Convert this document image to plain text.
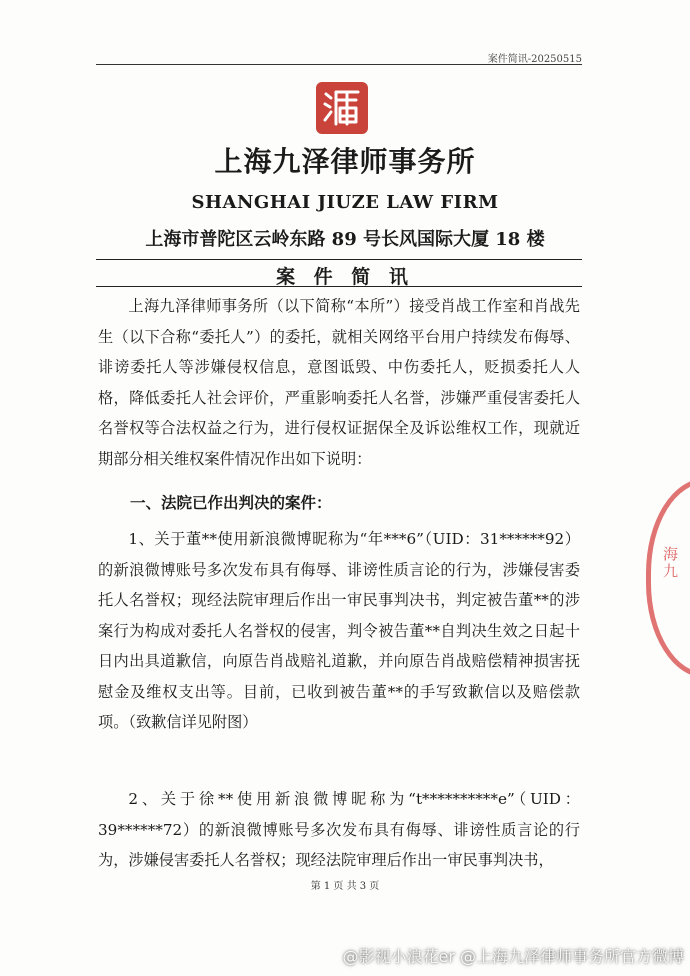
案件简讯-20250515
上海九泽律师事务所
SHANGHAI JIUZE LAW FIRM
上海市普陀区云岭东路 89 号长风国际大厦 18 楼
案 件 简 讯
上海九泽律师事务所（以下简称“本所”）接受肖战工作室和肖战先生（以下合称“委托人”）的委托，就相关网络平台用户持续发布侮辱、诽谤委托人等涉嫌侵权信息，意图诋毁、中伤委托人，贬损委托人人格，降低委托人社会评价，严重影响委托人名誉，涉嫌严重侵害委托人名誉权等合法权益之行为，进行侵权证据保全及诉讼维权工作，现就近期部分相关维权案件情况作出如下说明：
一、法院已作出判决的案件：
1、关于董**使用新浪微博昵称为“年***6”（UID：31******92）的新浪微博账号多次发布具有侮辱、诽谤性质言论的行为，涉嫌侵害委托人名誉权；现经法院审理后作出一审民事判决书，判定被告董**的涉案行为构成对委托人名誉权的侵害，判令被告董**自判决生效之日起十日内出具道歉信，向原告肖战赔礼道歉，并向原告肖战赔偿精神损害抚慰金及维权支出等。目前，已收到被告董**的手写致歉信以及赔偿款项。（致歉信详见附图）
2、关于徐**使用新浪微博昵称为“t**********e”（UID：39******72）的新浪微博账号多次发布具有侮辱、诽谤性质言论的行为，涉嫌侵害委托人名誉权；现经法院审理后作出一审民事判决书，
第 1 页 共 3 页
海九
@影视小浪花er @上海九泽律师事务所官方微博
